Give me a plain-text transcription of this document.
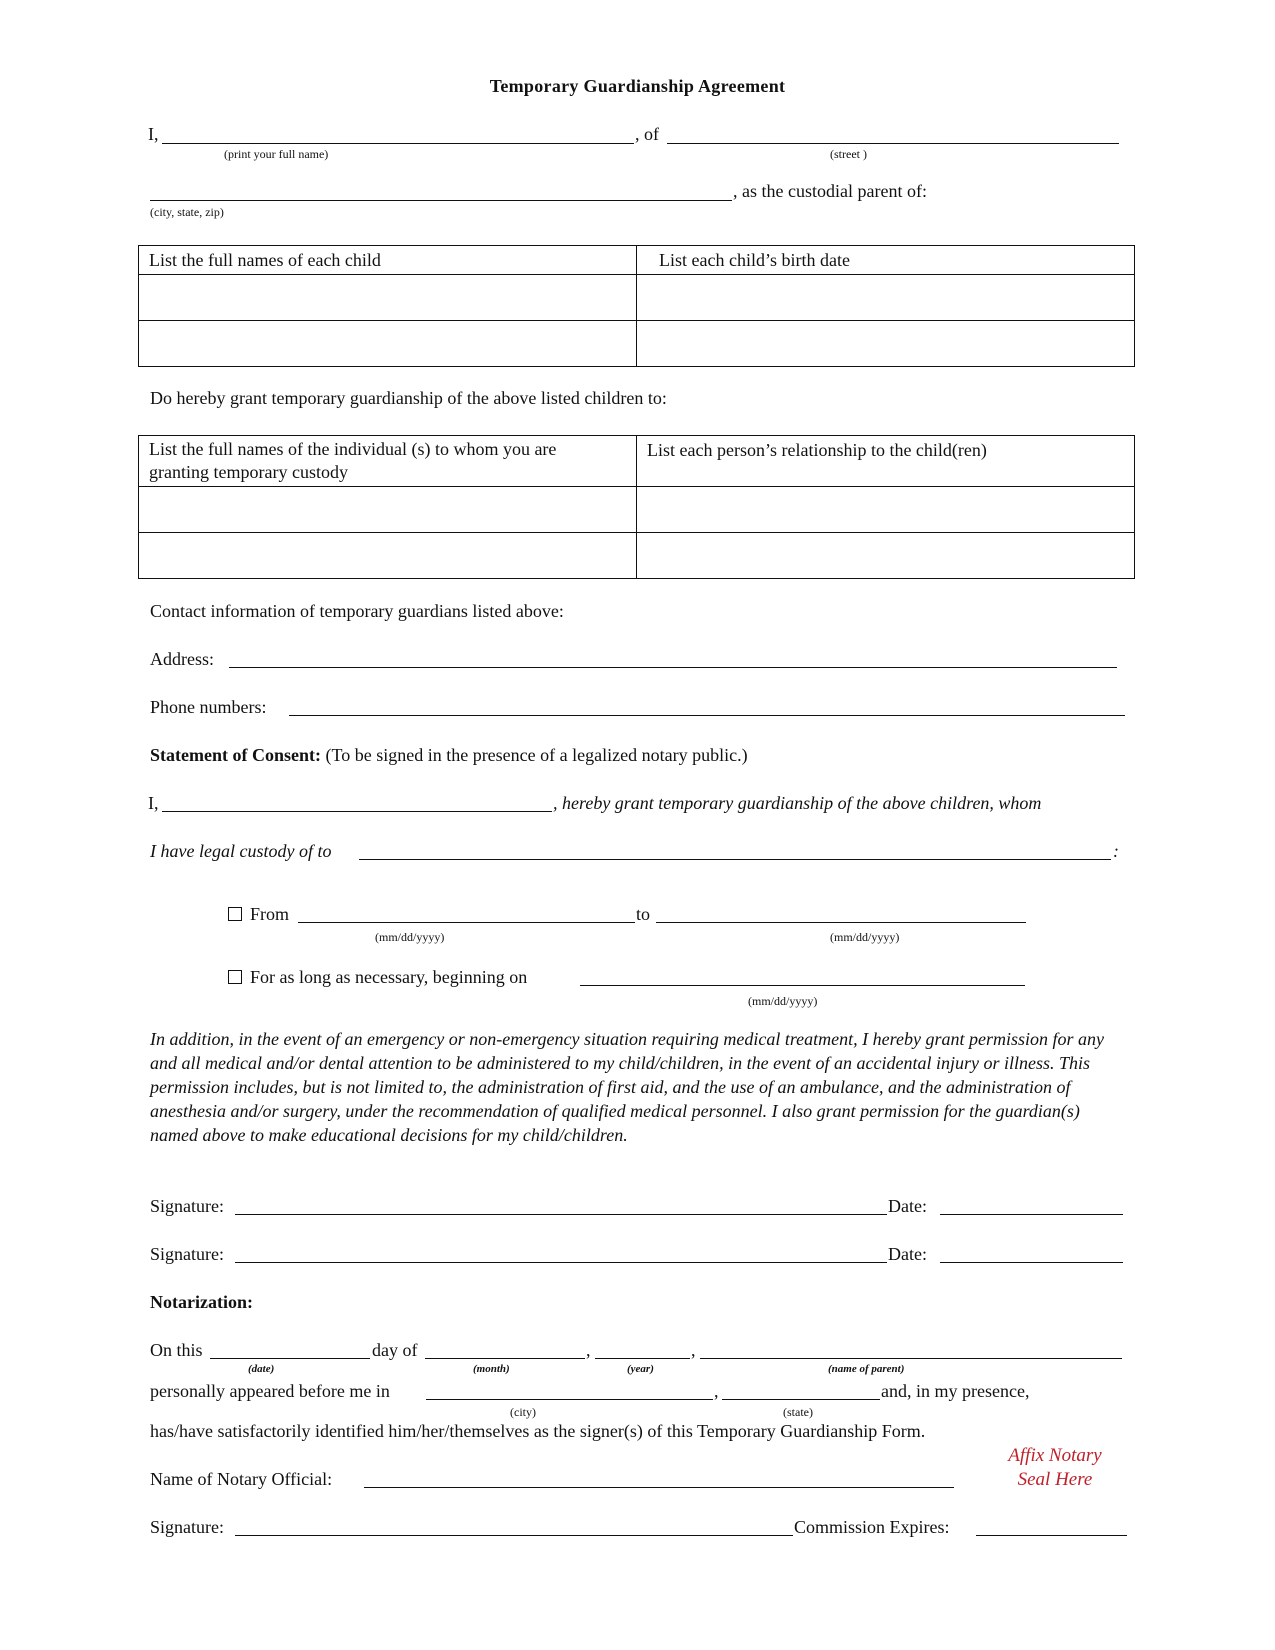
Temporary Guardianship Agreement
I,	, of
(print your full name)	(street )
, as the custodial parent of:
(city, state, zip)
List the full names of each child	List each child’s birth date

Do hereby grant temporary guardianship of the above listed children to:
List the full names of the individual (s) to whom you are
granting temporary custody	List each person’s relationship to the child(ren)

Contact information of temporary guardians listed above:
Address:
Phone numbers:
Statement of Consent: (To be signed in the presence of a legalized notary public.)
I,	, hereby grant temporary guardianship of the above children, whom
I have legal custody of to	:
From	to
(mm/dd/yyyy)	(mm/dd/yyyy)
For as long as necessary, beginning on
(mm/dd/yyyy)
In addition, in the event of an emergency or non-emergency situation requiring medical treatment, I hereby grant permission for any and all medical and/or dental attention to be administered to my child/children, in the event of an accidental injury or illness. This permission includes, but is not limited to, the administration of first aid, and the use of an ambulance, and the administration of anesthesia and/or surgery, under the recommendation of qualified medical personnel. I also grant permission for the guardian(s) named above to make educational decisions for my child/children.
Signature:	Date:
Signature:	Date:
Notarization:
On this	day of	,	,
(date)	(month)	(year)	(name of parent)
personally appeared before me in	,	and, in my presence,
(city)	(state)
has/have satisfactorily identified him/her/themselves as the signer(s) of this Temporary Guardianship Form.
Affix Notary
Seal Here
Name of Notary Official:
Signature:	Commission Expires:
